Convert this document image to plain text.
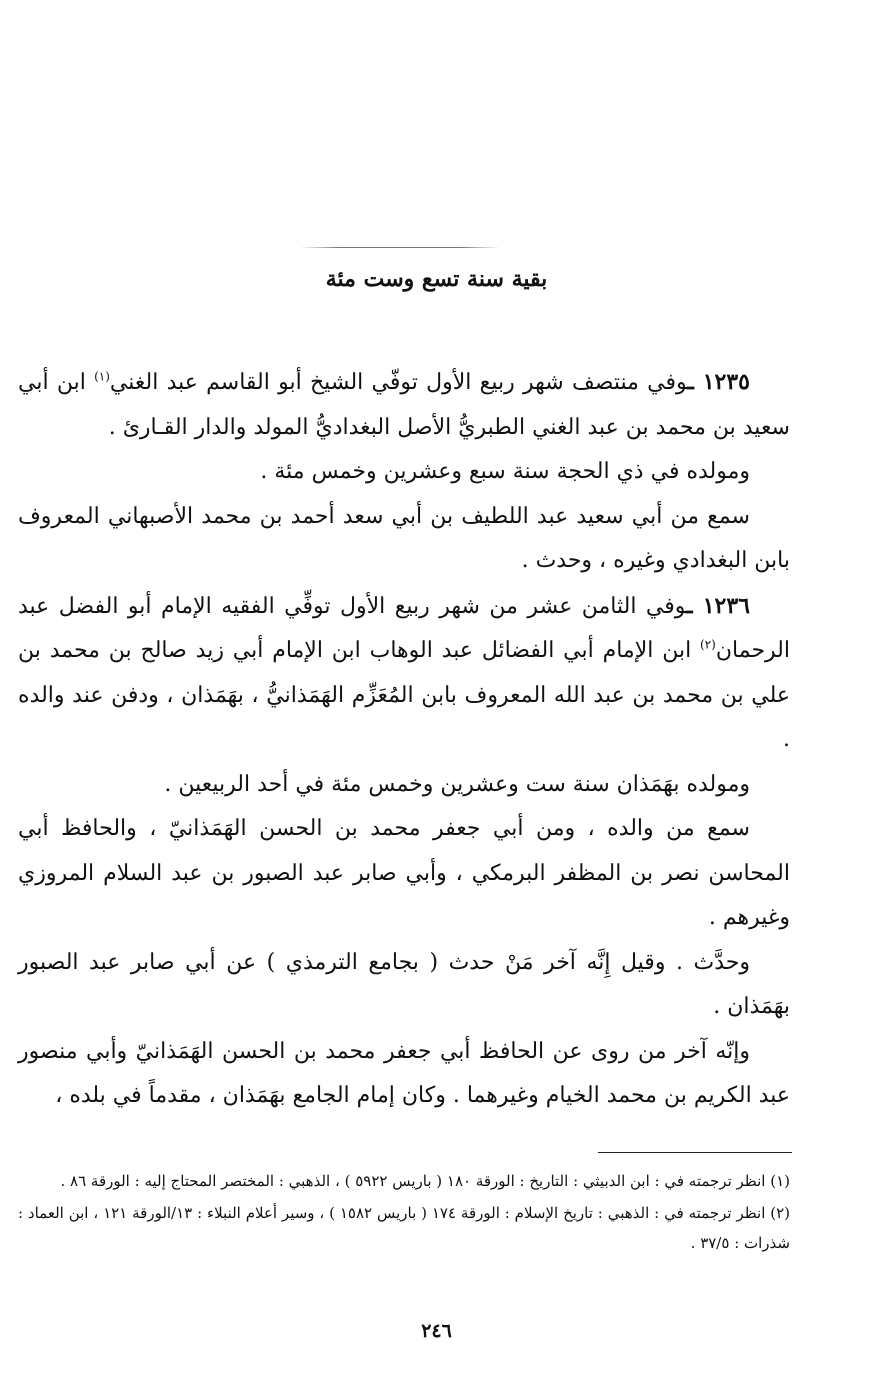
بقية سنة تسع وست مئة

١٢٣٥ ـوفي منتصف شهر ربيع الأول توفّي الشيخ أبو القاسم عبد الغني$^{(١)}$ ابن أبي سعيد بن محمد بن عبد الغني الطبريُّ الأصل البغداديُّ المولد والدار القـارئ .

ومولده في ذي الحجة سنة سبع وعشرين وخمس مئة .

سمع من أبي سعيد عبد اللطيف بن أبي سعد أحمد بن محمد الأصبهاني المعروف بابن البغدادي وغيره ، وحدث .

١٢٣٦ ـوفي الثامن عشر من شهر ربيع الأول توفِّي الفقيه الإمام أبو الفضل عبد الرحمان$^{(٢)}$ ابن الإمام أبي الفضائل عبد الوهاب ابن الإمام أبي زيد صالح بن محمد بن علي بن محمد بن عبد الله المعروف بابن المُعَزِّم الهَمَذانيُّ ، بهَمَذان ، ودفن عند والده .

ومولده بهَمَذان سنة ست وعشرين وخمس مئة في أحد الربيعين .

سمع من والده ، ومن أبي جعفر محمد بن الحسن الهَمَذانيّ ، والحافظ أبي المحاسن نصر بن المظفر البرمكي ، وأبي صابر عبد الصبور بن عبد السلام المروزي وغيرهم .

وحدَّث . وقيل إِنَّه آخر مَنْ حدث ( بجامع الترمذي ) عن أبي صابر عبد الصبور بهَمَذان .

وإنّه آخر من روى عن الحافظ أبي جعفر محمد بن الحسن الهَمَذانيّ وأبي منصور عبد الكريم بن محمد الخيام وغيرهما . وكان إمام الجامع بهَمَذان ، مقدماً في بلده ،

(١) انظر ترجمته في : ابن الدبيثي : التاريخ : الورقة ١٨٠ ( باريس ٥٩٢٢ ) ، الذهبي : المختصر المحتاج إليه : الورقة ٨٦ .

(٢) انظر ترجمته في : الذهبي : تاريخ الإسلام : الورقة ١٧٤ ( باريس ١٥٨٢ ) ، وسير أعلام النبلاء : ١٣/الورقة ١٢١ ، ابن العماد : شذرات : ٣٧/٥ .

٢٤٦
